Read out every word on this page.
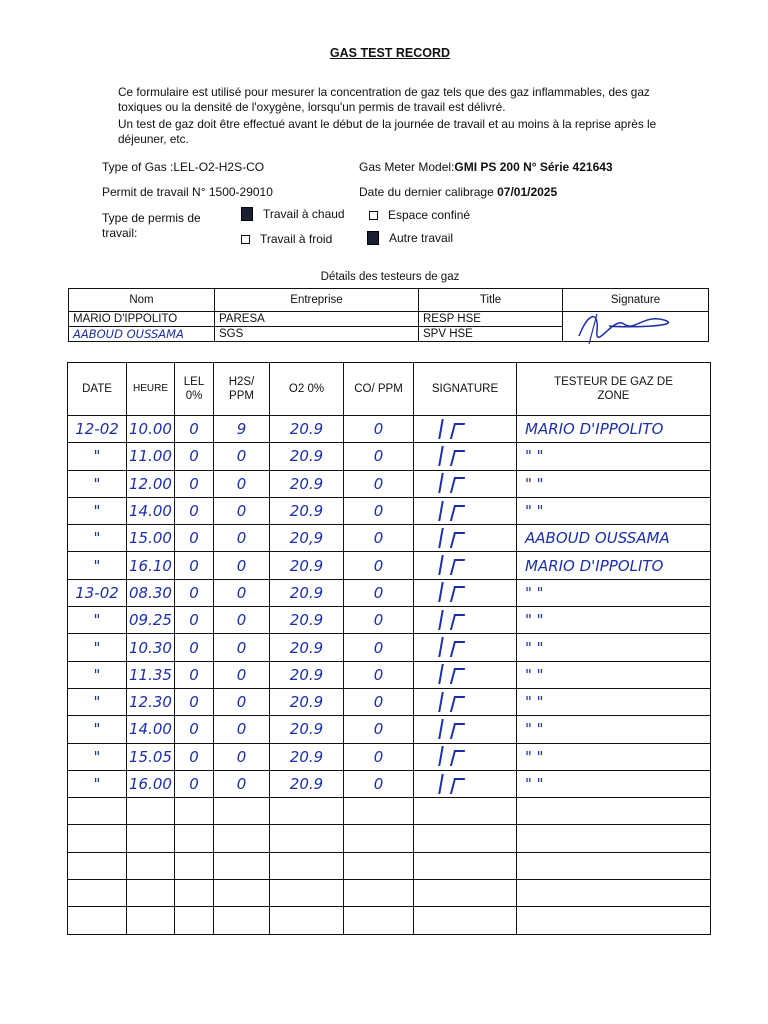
GAS TEST RECORD

Ce formulaire est utilisé pour mesurer la concentration de gaz tels que des gaz inflammables, des gaz toxiques ou la densité de l'oxygène, lorsqu'un permis de travail est délivré.

Un test de gaz doit être effectué avant le début de la journée de travail et au moins à la reprise après le déjeuner, etc.

Type of Gas :LEL-O2-H2S-CO	Gas Meter Model:GMI PS 200 N° Série 421643
Permit de travail N° 1500-29010	Date du dernier calibrage 07/01/2025
Type de permis de travail:
Travail à chaud	Espace confiné
Travail à froid	Autre travail
Détails des testeurs de gaz
Nom	Entreprise	Title	Signature
MARIO D'IPPOLITO	PARESA	RESP HSE	

AABOUD OUSSAMA	SGS	SPV HSE	
DATE	HEURE	LEL 0%	H2S/ PPM	O2 0%	CO/ PPM	SIGNATURE	TESTEUR DE GAZ DE ZONE
12-02	10.00	0	9	20.9	0		MARIO D'IPPOLITO
"	11.00	0	0	20.9	0		" "
"	12.00	0	0	20.9	0		" "
"	14.00	0	0	20.9	0		" "
"	15.00	0	0	20,9	0		AABOUD OUSSAMA
"	16.10	0	0	20.9	0		MARIO D'IPPOLITO
13-02	08.30	0	0	20.9	0		" "
"	09.25	0	0	20.9	0		" "
"	10.30	0	0	20.9	0		" "
"	11.35	0	0	20.9	0		" "
"	12.30	0	0	20.9	0		" "
"	14.00	0	0	20.9	0		" "
"	15.05	0	0	20.9	0		" "
"	16.00	0	0	20.9	0		" "
